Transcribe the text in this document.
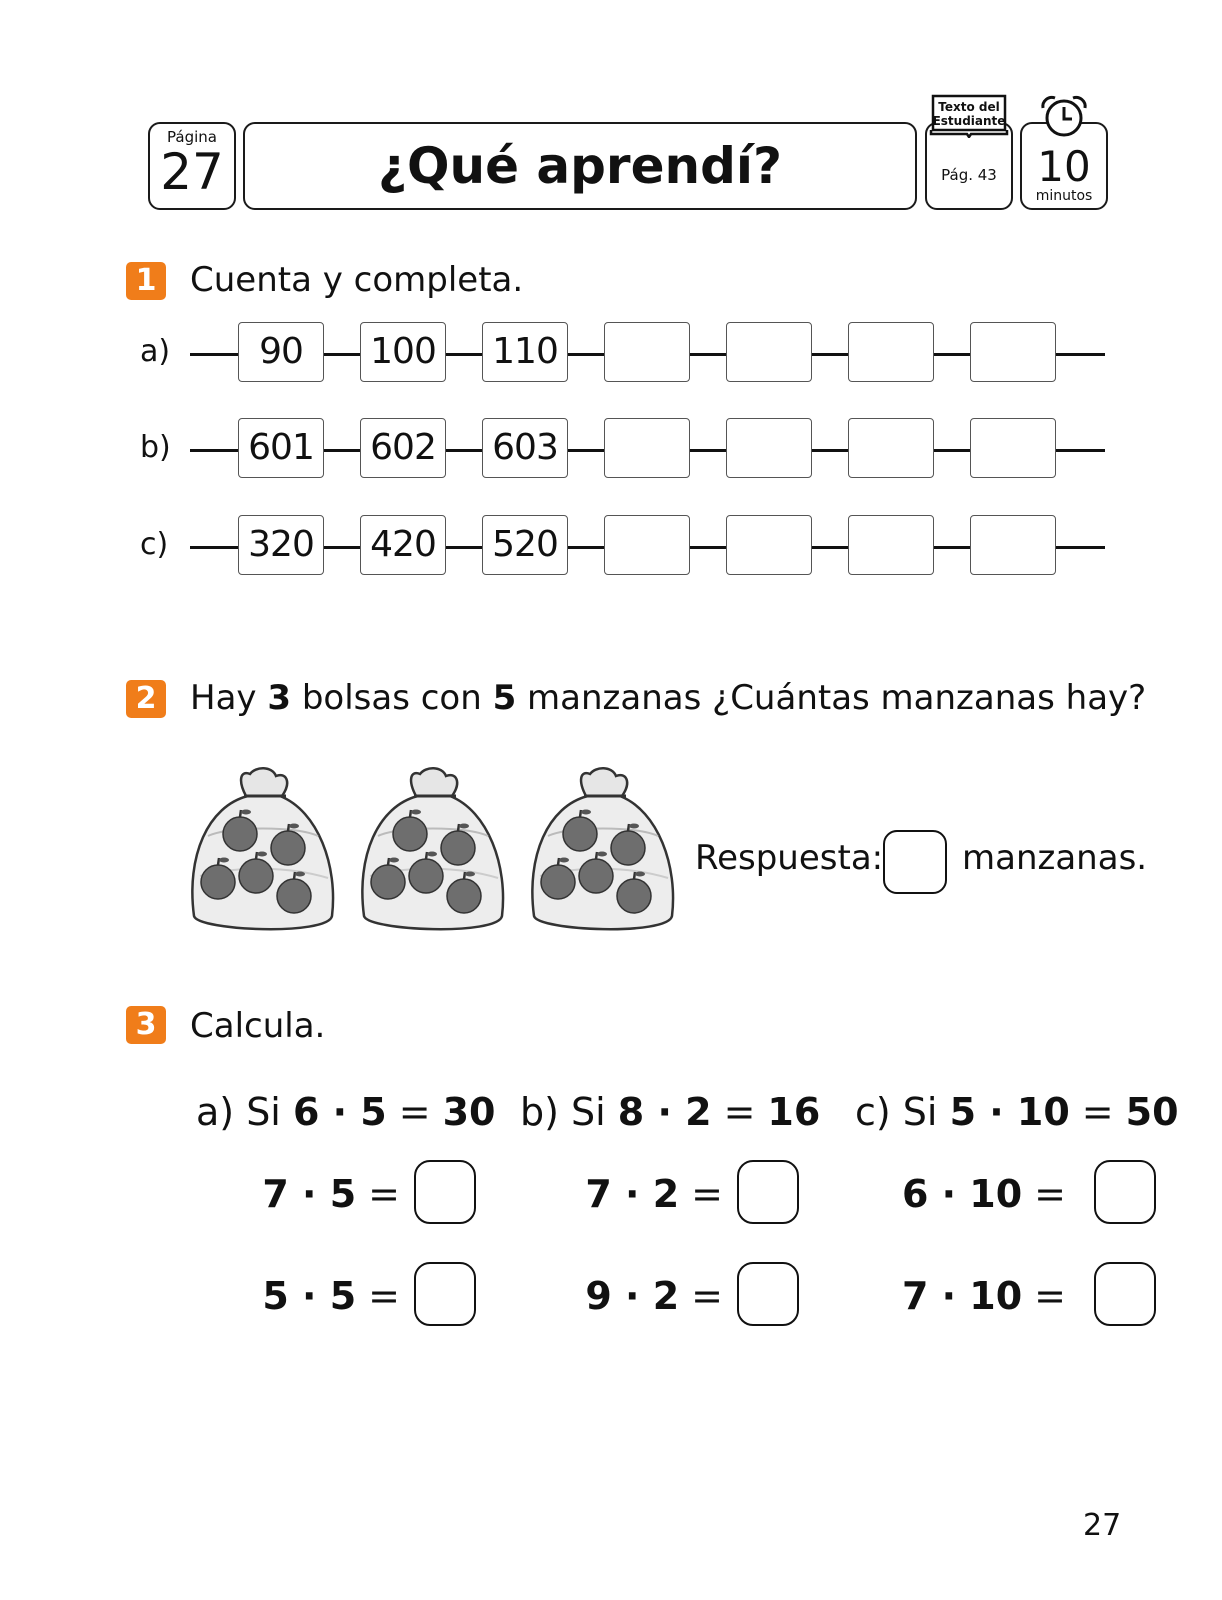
Página
27	¿Qué aprendí?	Pág. 43
Texto del
Estudiante
10
minutos
1 Cuenta y completa.
a)	90	100 110
b) 601 602 603
c) 320 420 520
2 Hay 3 bolsas con 5 manzanas ¿Cuántas manzanas hay?
Respuesta: manzanas.
3 Calcula.
a) Si 6 · 5 = 30
7 · 5 =
5 · 5 =
b) Si 8 · 2 = 16
7 · 2 =
9 · 2 =
c) Si 5 · 10 = 50
6 · 10 =
7 · 10 =
27
